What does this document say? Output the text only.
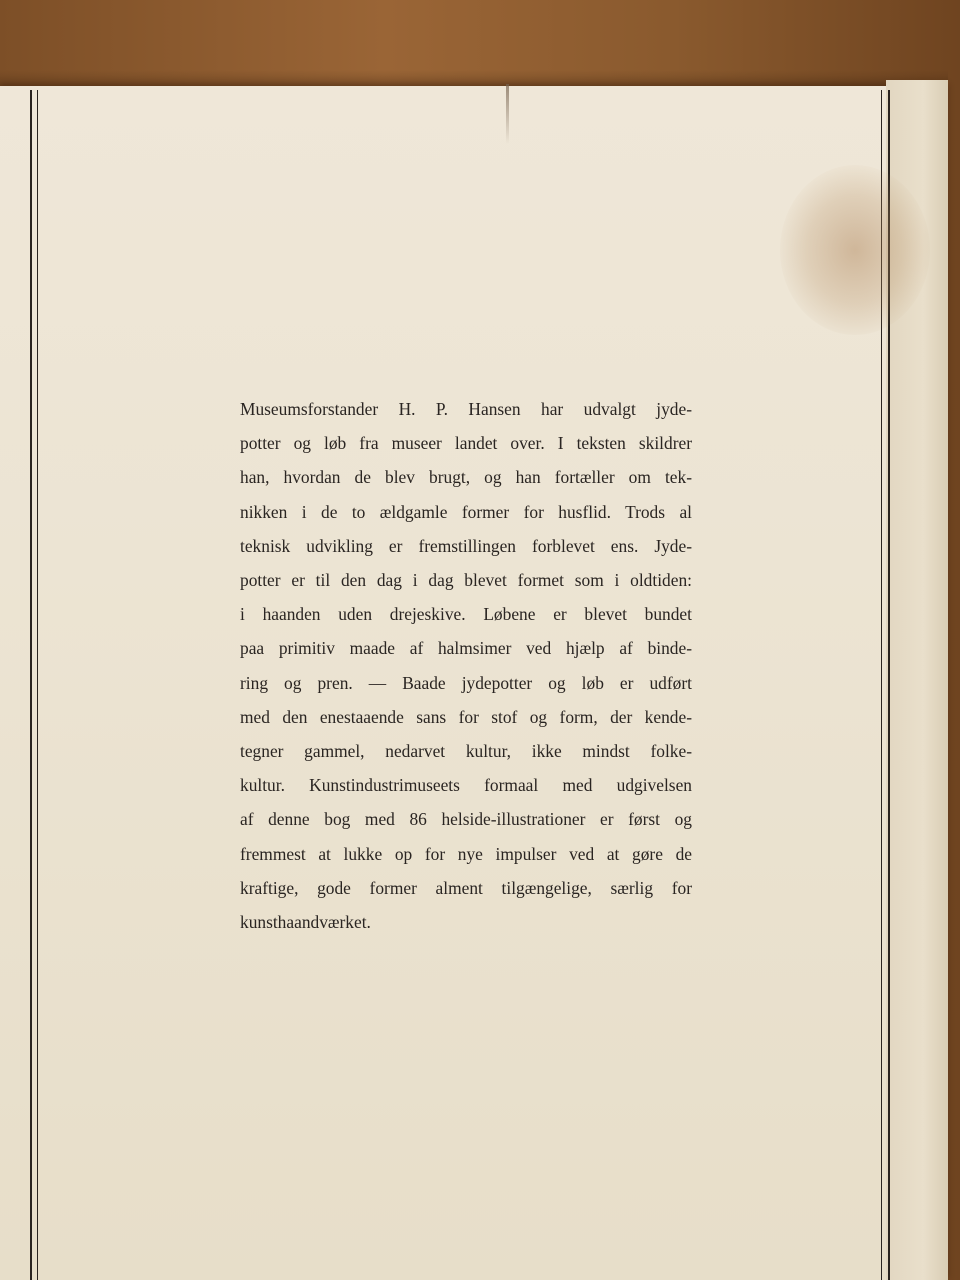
Museumsforstander H. P. Hansen har udvalgt jyde-
potter og løb fra museer landet over. I teksten skildrer
han, hvordan de blev brugt, og han fortæller om tek-
nikken i de to ældgamle former for husflid. Trods al
teknisk udvikling er fremstillingen forblevet ens. Jyde-
potter er til den dag i dag blevet formet som i oldtiden:
i haanden uden drejeskive. Løbene er blevet bundet
paa primitiv maade af halmsimer ved hjælp af binde-
ring og pren. — Baade jydepotter og løb er udført
med den enestaaende sans for stof og form, der kende-
tegner gammel, nedarvet kultur, ikke mindst folke-
kultur. Kunstindustrimuseets formaal med udgivelsen
af denne bog med 86 helside-illustrationer er først og
fremmest at lukke op for nye impulser ved at gøre de
kraftige, gode former alment tilgængelige, særlig for
kunsthaandværket.
